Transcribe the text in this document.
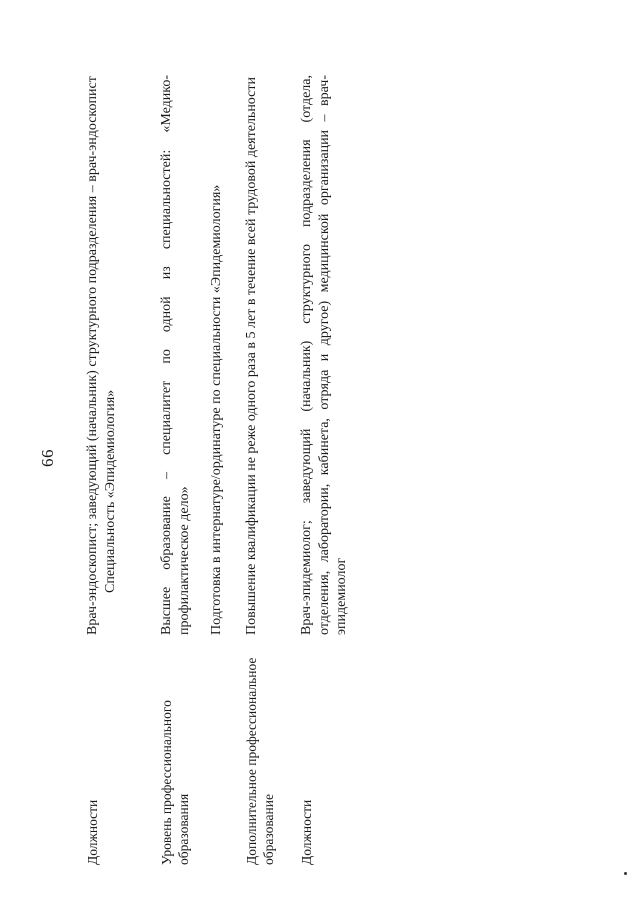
66
Должности

Врач-эндоскопист; заведующий (начальник) структурного подразделения – врач-эндоскопист Специальность «Эпидемиология»

Уровень профессионального образования

Высшее образование – специалитет по одной из специальностей: «Медико-профилактическое дело» Подготовка в интернатуре/ординатуре по специальности «Эпидемиология»

Дополнительное профессиональное образование

Повышение квалификации не реже одного раза в 5 лет в течение всей трудовой деятельности

Должности

Врач-эпидемиолог; заведующий (начальник) структурного подразделения (отдела, отделения, лаборатории, кабинета, отряда и другое) медицинской организации – врач-эпидемиолог
